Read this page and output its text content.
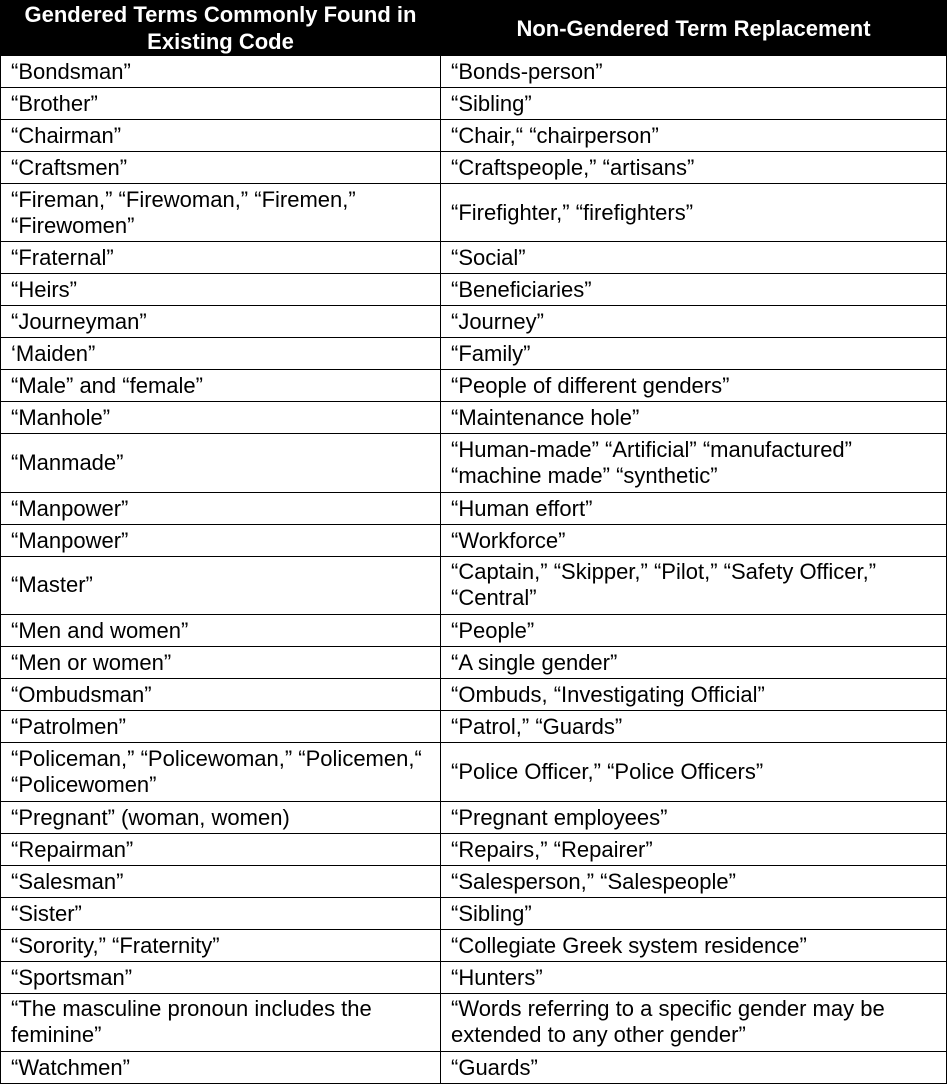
Gendered Terms Commonly Found in Existing Code	Non-Gendered Term Replacement
“Bondsman”	“Bonds-person”
“Brother”	“Sibling”
“Chairman”	“Chair,“ “chairperson”
“Craftsmen”	“Craftspeople,” “artisans”
“Fireman,” “Firewoman,” “Firemen,” “Firewomen”	“Firefighter,” “firefighters”
“Fraternal”	“Social”
“Heirs”	“Beneficiaries”
“Journeyman”	“Journey”
‘Maiden”	“Family”
“Male” and “female”	“People of different genders”
“Manhole”	“Maintenance hole”
“Manmade”	“Human-made” “Artificial” “manufactured” “machine made” “synthetic”
“Manpower”	“Human effort”
“Manpower”	“Workforce”
“Master”	“Captain,” “Skipper,” “Pilot,” “Safety Officer,” “Central”
“Men and women”	“People”
“Men or women”	“A single gender”
“Ombudsman”	“Ombuds, “Investigating Official”
“Patrolmen”	“Patrol,” “Guards”
“Policeman,” “Policewoman,” “Policemen,“ “Policewomen”	“Police Officer,” “Police Officers”
“Pregnant” (woman, women)	“Pregnant employees”
“Repairman”	“Repairs,” “Repairer”
“Salesman”	“Salesperson,” “Salespeople”
“Sister”	“Sibling”
“Sorority,” “Fraternity”	“Collegiate Greek system residence”
“Sportsman”	“Hunters”
“The masculine pronoun includes the feminine”	“Words referring to a specific gender may be extended to any other gender”
“Watchmen”	“Guards”
